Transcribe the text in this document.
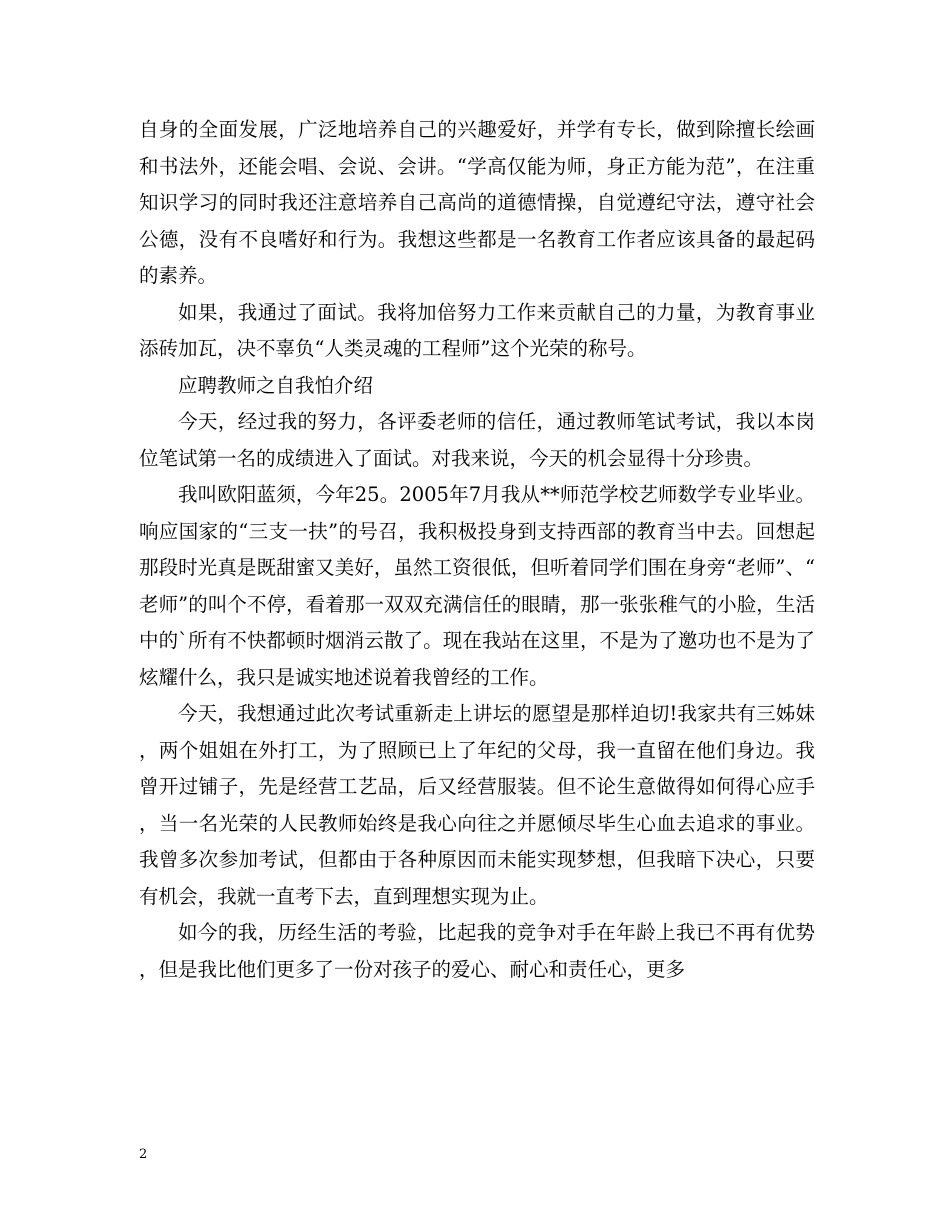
自身的全面发展，广泛地培养自己的兴趣爱好，并学有专长，做到除擅长绘画和书法外，还能会唱、会说、会讲。“学高仅能为师，身正方能为范”，在注重知识学习的同时我还注意培养自己高尚的道德情操，自觉遵纪守法，遵守社会公德，没有不良嗜好和行为。我想这些都是一名教育工作者应该具备的最起码的素养。

如果，我通过了面试。我将加倍努力工作来贡献自己的力量，为教育事业添砖加瓦，决不辜负“人类灵魂的工程师”这个光荣的称号。

应聘教师之自我怕介绍

今天，经过我的努力，各评委老师的信任，通过教师笔试考试，我以本岗位笔试第一名的成绩进入了面试。对我来说，今天的机会显得十分珍贵。

我叫欧阳蓝须，今年25。2005年7月我从**师范学校艺师数学专业毕业。响应国家的“三支一扶”的号召，我积极投身到支持西部的教育当中去。回想起那段时光真是既甜蜜又美好，虽然工资很低，但听着同学们围在身旁“老师”、“老师”的叫个不停，看着那一双双充满信任的眼睛，那一张张稚气的小脸，生活中的`所有不快都顿时烟消云散了。现在我站在这里，不是为了邀功也不是为了炫耀什么，我只是诚实地述说着我曾经的工作。

今天，我想通过此次考试重新走上讲坛的愿望是那样迫切!我家共有三姊妹，两个姐姐在外打工，为了照顾已上了年纪的父母，我一直留在他们身边。我曾开过铺子，先是经营工艺品，后又经营服装。但不论生意做得如何得心应手，当一名光荣的人民教师始终是我心向往之并愿倾尽毕生心血去追求的事业。我曾多次参加考试，但都由于各种原因而未能实现梦想，但我暗下决心，只要有机会，我就一直考下去，直到理想实现为止。

如今的我，历经生活的考验，比起我的竞争对手在年龄上我已不再有优势，但是我比他们更多了一份对孩子的爱心、耐心和责任心，更多

2
